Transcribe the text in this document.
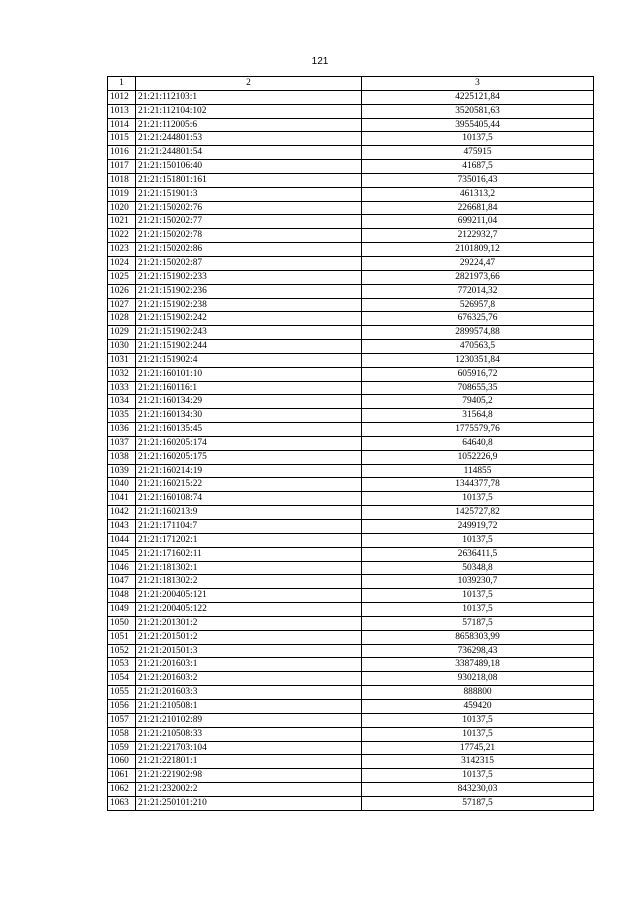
121
1	2	3
1012	21:21:112103:1	4225121,84
1013	21:21:112104:102	3520581,63
1014	21:21:112005:6	3955405,44
1015	21:21:244801:53	10137,5
1016	21:21:244801:54	475915
1017	21:21:150106:40	41687,5
1018	21:21:151801:161	735016,43
1019	21:21:151901:3	461313,2
1020	21:21:150202:76	226681,84
1021	21:21:150202:77	699211,04
1022	21:21:150202:78	2122932,7
1023	21:21:150202:86	2101809,12
1024	21:21:150202:87	29224,47
1025	21:21:151902:233	2821973,66
1026	21:21:151902:236	772014,32
1027	21:21:151902:238	526957,8
1028	21:21:151902:242	676325,76
1029	21:21:151902:243	2899574,88
1030	21:21:151902:244	470563,5
1031	21:21:151902:4	1230351,84
1032	21:21:160101:10	605916,72
1033	21:21:160116:1	708655,35
1034	21:21:160134:29	79405,2
1035	21:21:160134:30	31564,8
1036	21:21:160135:45	1775579,76
1037	21:21:160205:174	64640,8
1038	21:21:160205:175	1052226,9
1039	21:21:160214:19	114855
1040	21:21:160215:22	1344377,78
1041	21:21:160108:74	10137,5
1042	21:21:160213:9	1425727,82
1043	21:21:171104:7	249919,72
1044	21:21:171202:1	10137,5
1045	21:21:171602:11	2636411,5
1046	21:21:181302:1	50348,8
1047	21:21:181302:2	1039230,7
1048	21:21:200405:121	10137,5
1049	21:21:200405:122	10137,5
1050	21:21:201301:2	57187,5
1051	21:21:201501:2	8658303,99
1052	21:21:201501:3	736298,43
1053	21:21:201603:1	3387489,18
1054	21:21:201603:2	930218,08
1055	21:21:201603:3	888800
1056	21:21:210508:1	459420
1057	21:21:210102:89	10137,5
1058	21:21:210508:33	10137,5
1059	21:21:221703:104	17745,21
1060	21:21:221801:1	3142315
1061	21:21:221902:98	10137,5
1062	21:21:232002:2	843230,03
1063	21:21:250101:210	57187,5
